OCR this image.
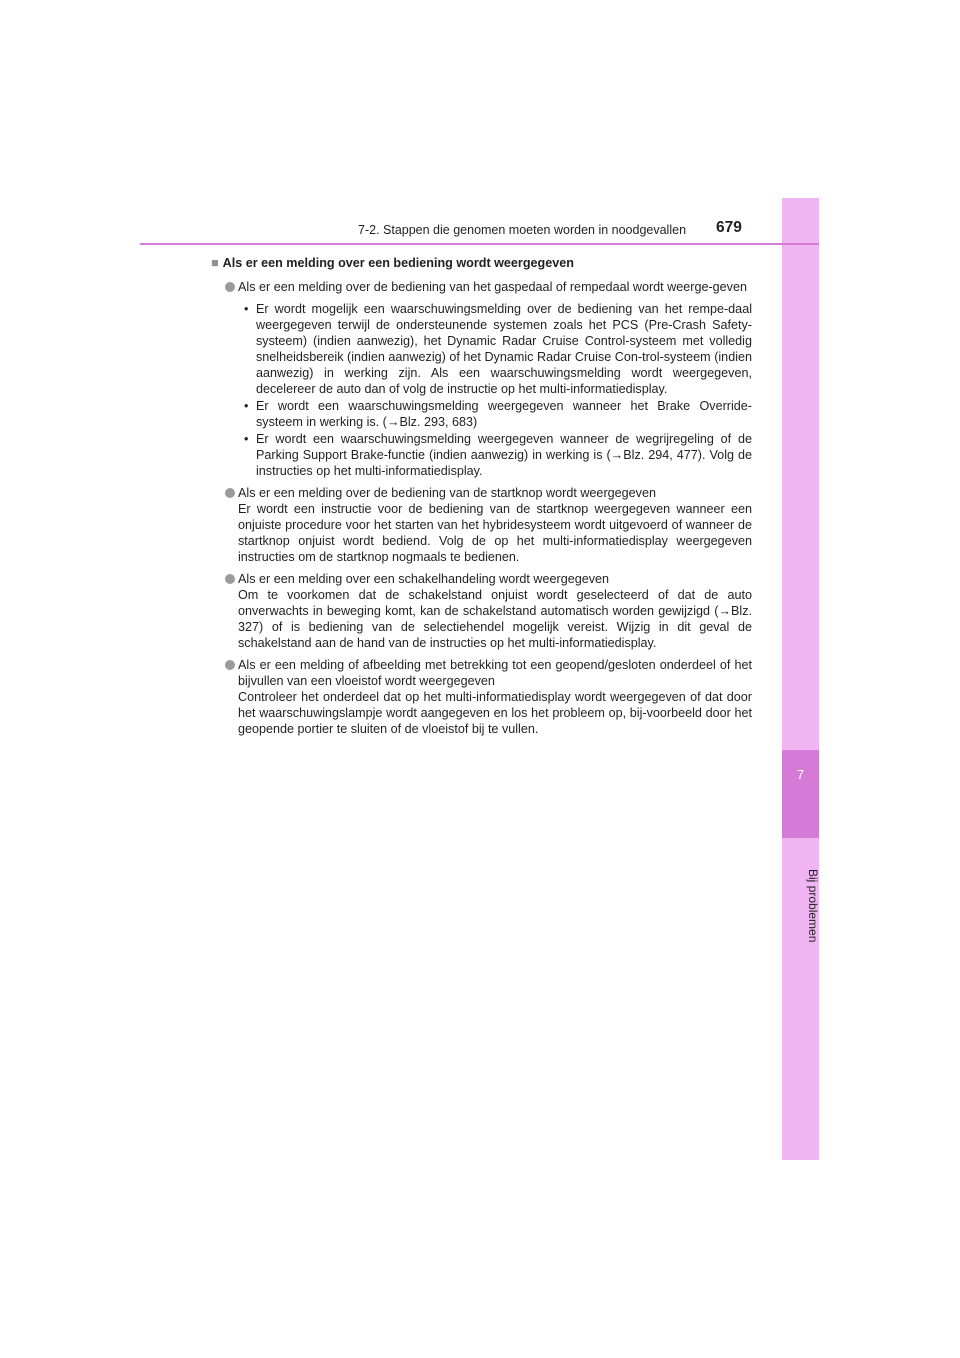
7
Bij problemen
7-2. Stappen die genomen moeten worden in noodgevallen 679
■ Als er een melding over een bediening wordt weergegeven

Als er een melding over de bediening van het gaspedaal of rempedaal wordt weerge-geven

• Er wordt mogelijk een waarschuwingsmelding over de bediening van het rempe-daal weergegeven terwijl de ondersteunende systemen zoals het PCS (Pre-Crash Safety-systeem) (indien aanwezig), het Dynamic Radar Cruise Control-systeem met volledig snelheidsbereik (indien aanwezig) of het Dynamic Radar Cruise Con-trol-systeem (indien aanwezig) in werking zijn. Als een waarschuwingsmelding wordt weergegeven, decelereer de auto dan of volg de instructie op het multi-informatiedisplay.
• Er wordt een waarschuwingsmelding weergegeven wanneer het Brake Override-systeem in werking is. (→Blz. 293, 683)
• Er wordt een waarschuwingsmelding weergegeven wanneer de wegrijregeling of de Parking Support Brake-functie (indien aanwezig) in werking is (→Blz. 294, 477). Volg de instructies op het multi-informatiedisplay.

Als er een melding over de bediening van de startknop wordt weergegeven

Er wordt een instructie voor de bediening van de startknop weergegeven wanneer een onjuiste procedure voor het starten van het hybridesysteem wordt uitgevoerd of wanneer de startknop onjuist wordt bediend. Volg de op het multi-informatiedisplay weergegeven instructies om de startknop nogmaals te bedienen.

Als er een melding over een schakelhandeling wordt weergegeven

Om te voorkomen dat de schakelstand onjuist wordt geselecteerd of dat de auto onverwachts in beweging komt, kan de schakelstand automatisch worden gewijzigd (→Blz. 327) of is bediening van de selectiehendel mogelijk vereist. Wijzig in dit geval de schakelstand aan de hand van de instructies op het multi-informatiedisplay.

Als er een melding of afbeelding met betrekking tot een geopend/gesloten onderdeel of het bijvullen van een vloeistof wordt weergegeven

Controleer het onderdeel dat op het multi-informatiedisplay wordt weergegeven of dat door het waarschuwingslampje wordt aangegeven en los het probleem op, bij-voorbeeld door het geopende portier te sluiten of de vloeistof bij te vullen.
